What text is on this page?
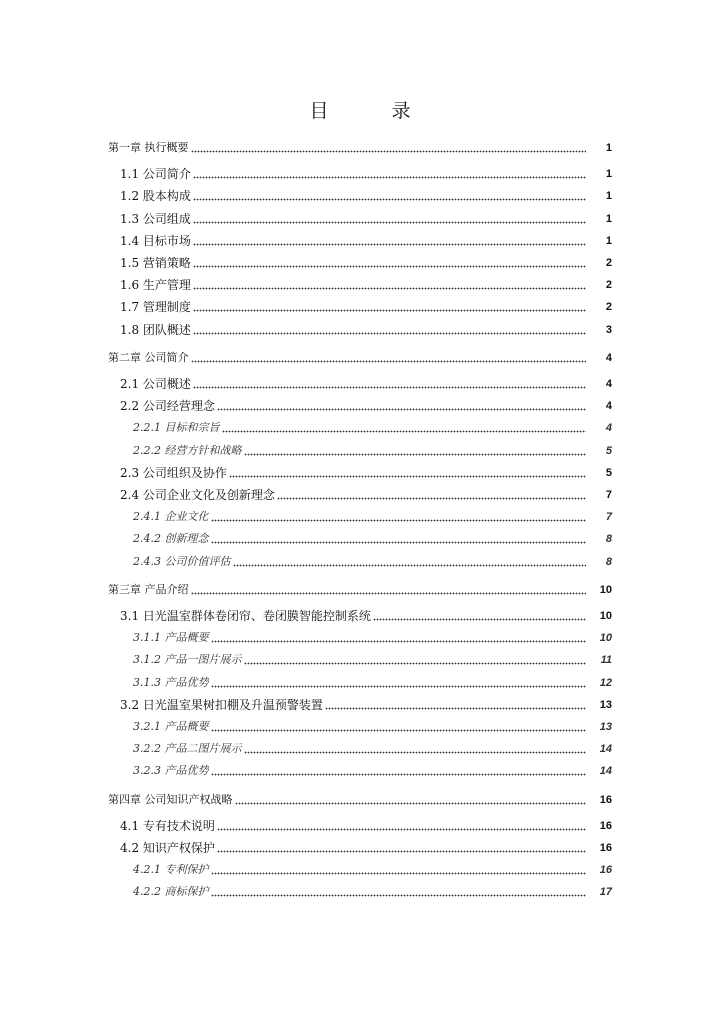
目　录
第一章 执行概要	1
1.1 公司简介	1
1.2 股本构成	1
1.3 公司组成	1
1.4 目标市场	1
1.5 营销策略	2
1.6 生产管理	2
1.7 管理制度	2
1.8 团队概述	3
第二章 公司简介	4
2.1 公司概述	4
2.2 公司经营理念	4
2.2.1 目标和宗旨	4
2.2.2 经营方针和战略	5
2.3 公司组织及协作	5
2.4 公司企业文化及创新理念	7
2.4.1 企业文化	7
2.4.2 创新理念	8
2.4.3 公司价值评估	8
第三章 产品介绍	10
3.1 日光温室群体卷闭帘、卷闭膜智能控制系统	10
3.1.1 产品概要	10
3.1.2 产品一图片展示	11
3.1.3 产品优势	12
3.2 日光温室果树扣棚及升温预警装置	13
3.2.1 产品概要	13
3.2.2 产品二图片展示	14
3.2.3 产品优势	14
第四章 公司知识产权战略	16
4.1 专有技术说明	16
4.2 知识产权保护	16
4.2.1 专利保护	16
4.2.2 商标保护	17
